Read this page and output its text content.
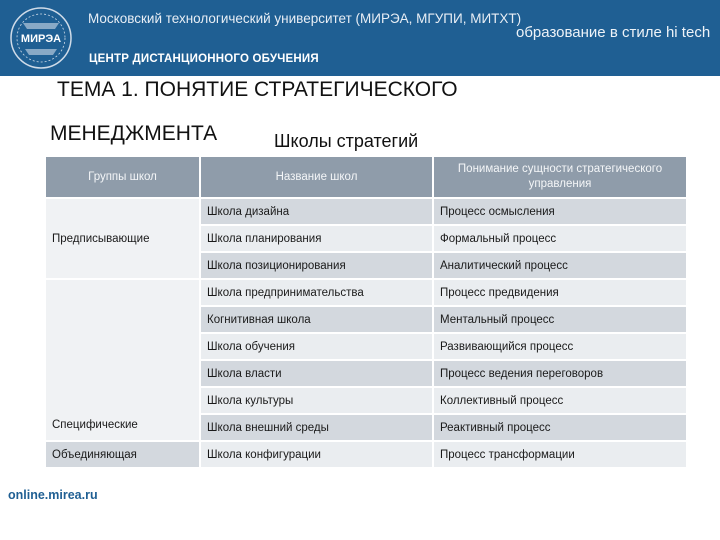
МИРЭА
Московский технологический университет (МИРЭА, МГУПИ, МИТХТ)
образование в стиле hi tech
ЦЕНТР ДИСТАНЦИОННОГО ОБУЧЕНИЯ
ТЕМА 1. ПОНЯТИЕ СТРАТЕГИЧЕСКОГО
МЕНЕДЖМЕНТА	Школы стратегий
Группы школ	Название школ	Понимание сущности стратегического управления
Предписывающие	Школа дизайна	Процесс осмысления
	Школа планирования	Формальный процесс
	Школа позиционирования	Аналитический процесс
Специфические	Школа предпринимательства	Процесс предвидения
	Когнитивная школа	Ментальный процесс
	Школа обучения	Развивающийся процесс
	Школа власти	Процесс ведения переговоров
	Школа культуры	Коллективный процесс
	Школа внешний среды	Реактивный процесс
Объединяющая	Школа конфигурации	Процесс трансформации
online.mirea.ru
